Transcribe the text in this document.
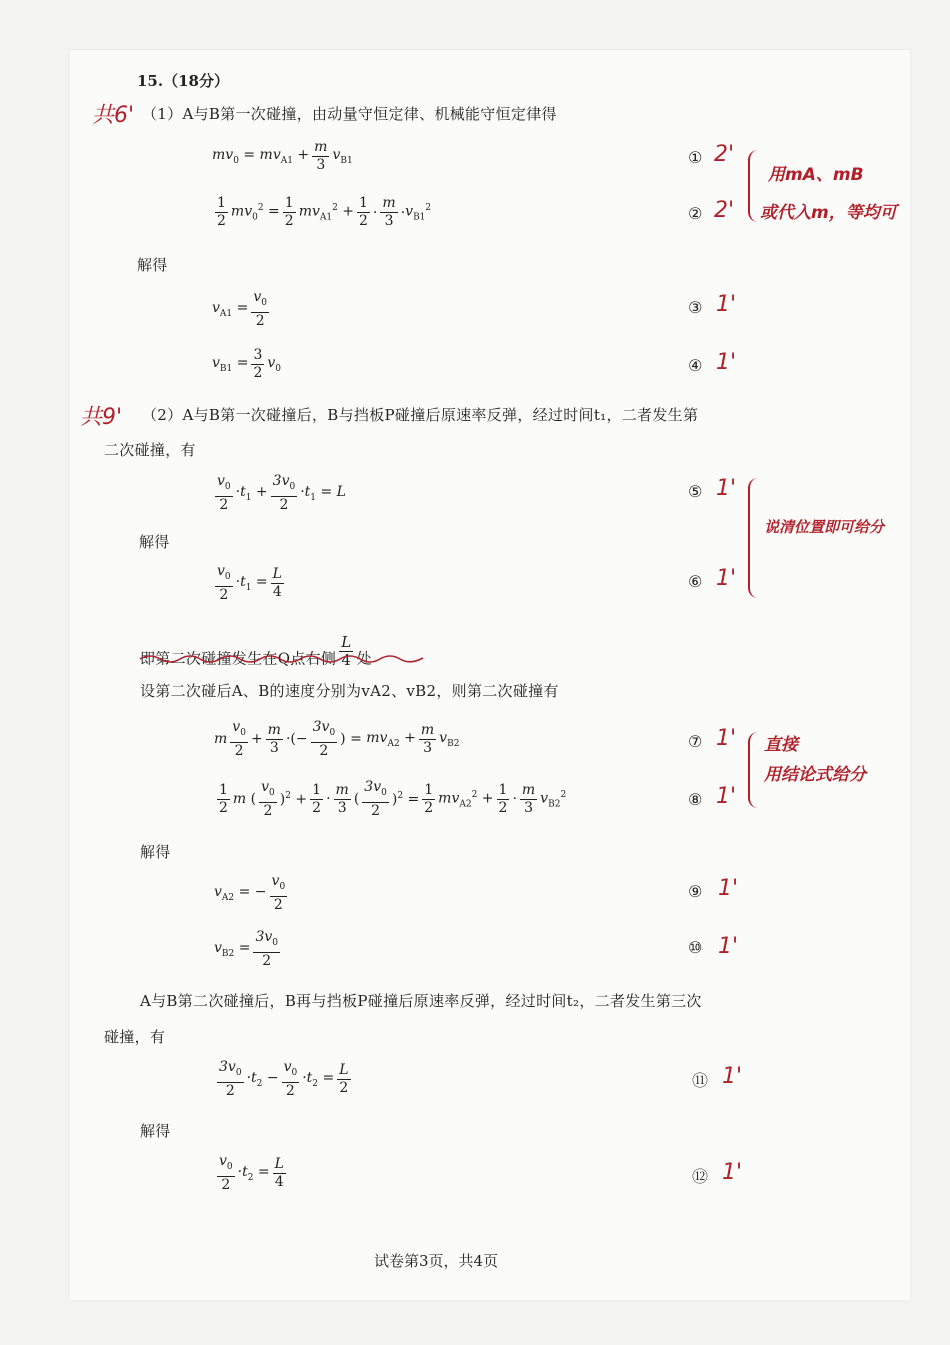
15.（18分）
共6' （1）A与B第一次碰撞，由动量守恒定律、机械能守恒定律得
$mv_0 = mv_{A1} + \frac{m}{3} v_{B1}$	① 2'
$\frac{1}{2} mv_0^2 = \frac{1}{2} mv_{A1}^2 + \frac{1}{2} \cdot \frac{m}{3} \cdot v_{B1}^2$	② 2'
用mA、mB
或代入m，等均可
解得
$v_{A1} = \frac{v_0}{2}$	③ 1'
$v_{B1} = \frac{3}{2} v_0$	④ 1'
共9' （2）A与B第一次碰撞后，B与挡板P碰撞后原速率反弹，经过时间t₁，二者发生第
二次碰撞，有
$\frac{v_0}{2} \cdot t_1 + \frac{3v_0}{2} \cdot t_1 = L$	⑤ 1'
解得
$\frac{v_0}{2} \cdot t_1 = \frac{L}{4}$	⑥ 1'
说清位置即可给分
即第二次碰撞发生在Q点右侧 $\frac{L}{4}$ 处
设第二次碰后A、B的速度分别为vA2、vB2，则第二次碰撞有
m $\frac{v_0}{2} + \frac{m}{3}$ ·(− $\frac{3v_0}{2}$ ) = $mv_{A2} + \frac{m}{3} v_{B2}$	⑦ 1'
$\frac{1}{2}$ m ( $\frac{v_0}{2} )^2 + \frac{1}{2} \cdot \frac{m}{3}$ ( $\frac{3v_0}{2} )^2 = \frac{1}{2} mv_{A2}^2 + \frac{1}{2} \cdot \frac{m}{3} v_{B2}^2$	⑧ 1'
直接
用结论式给分
解得
$v_{A2}$ = − $\frac{v_0}{2}$	⑨ 1'
$v_{B2} = \frac{3v_0}{2}$	⑩ 1'
A与B第二次碰撞后，B再与挡板P碰撞后原速率反弹，经过时间t₂，二者发生第三次
碰撞，有
$\frac{3v_0}{2} \cdot t_2 - \frac{v_0}{2} \cdot t_2 = \frac{L}{2}$	⑪ 1'
解得
$\frac{v_0}{2} \cdot t_2 = \frac{L}{4}$	⑫ 1'
试卷第3页，共4页
